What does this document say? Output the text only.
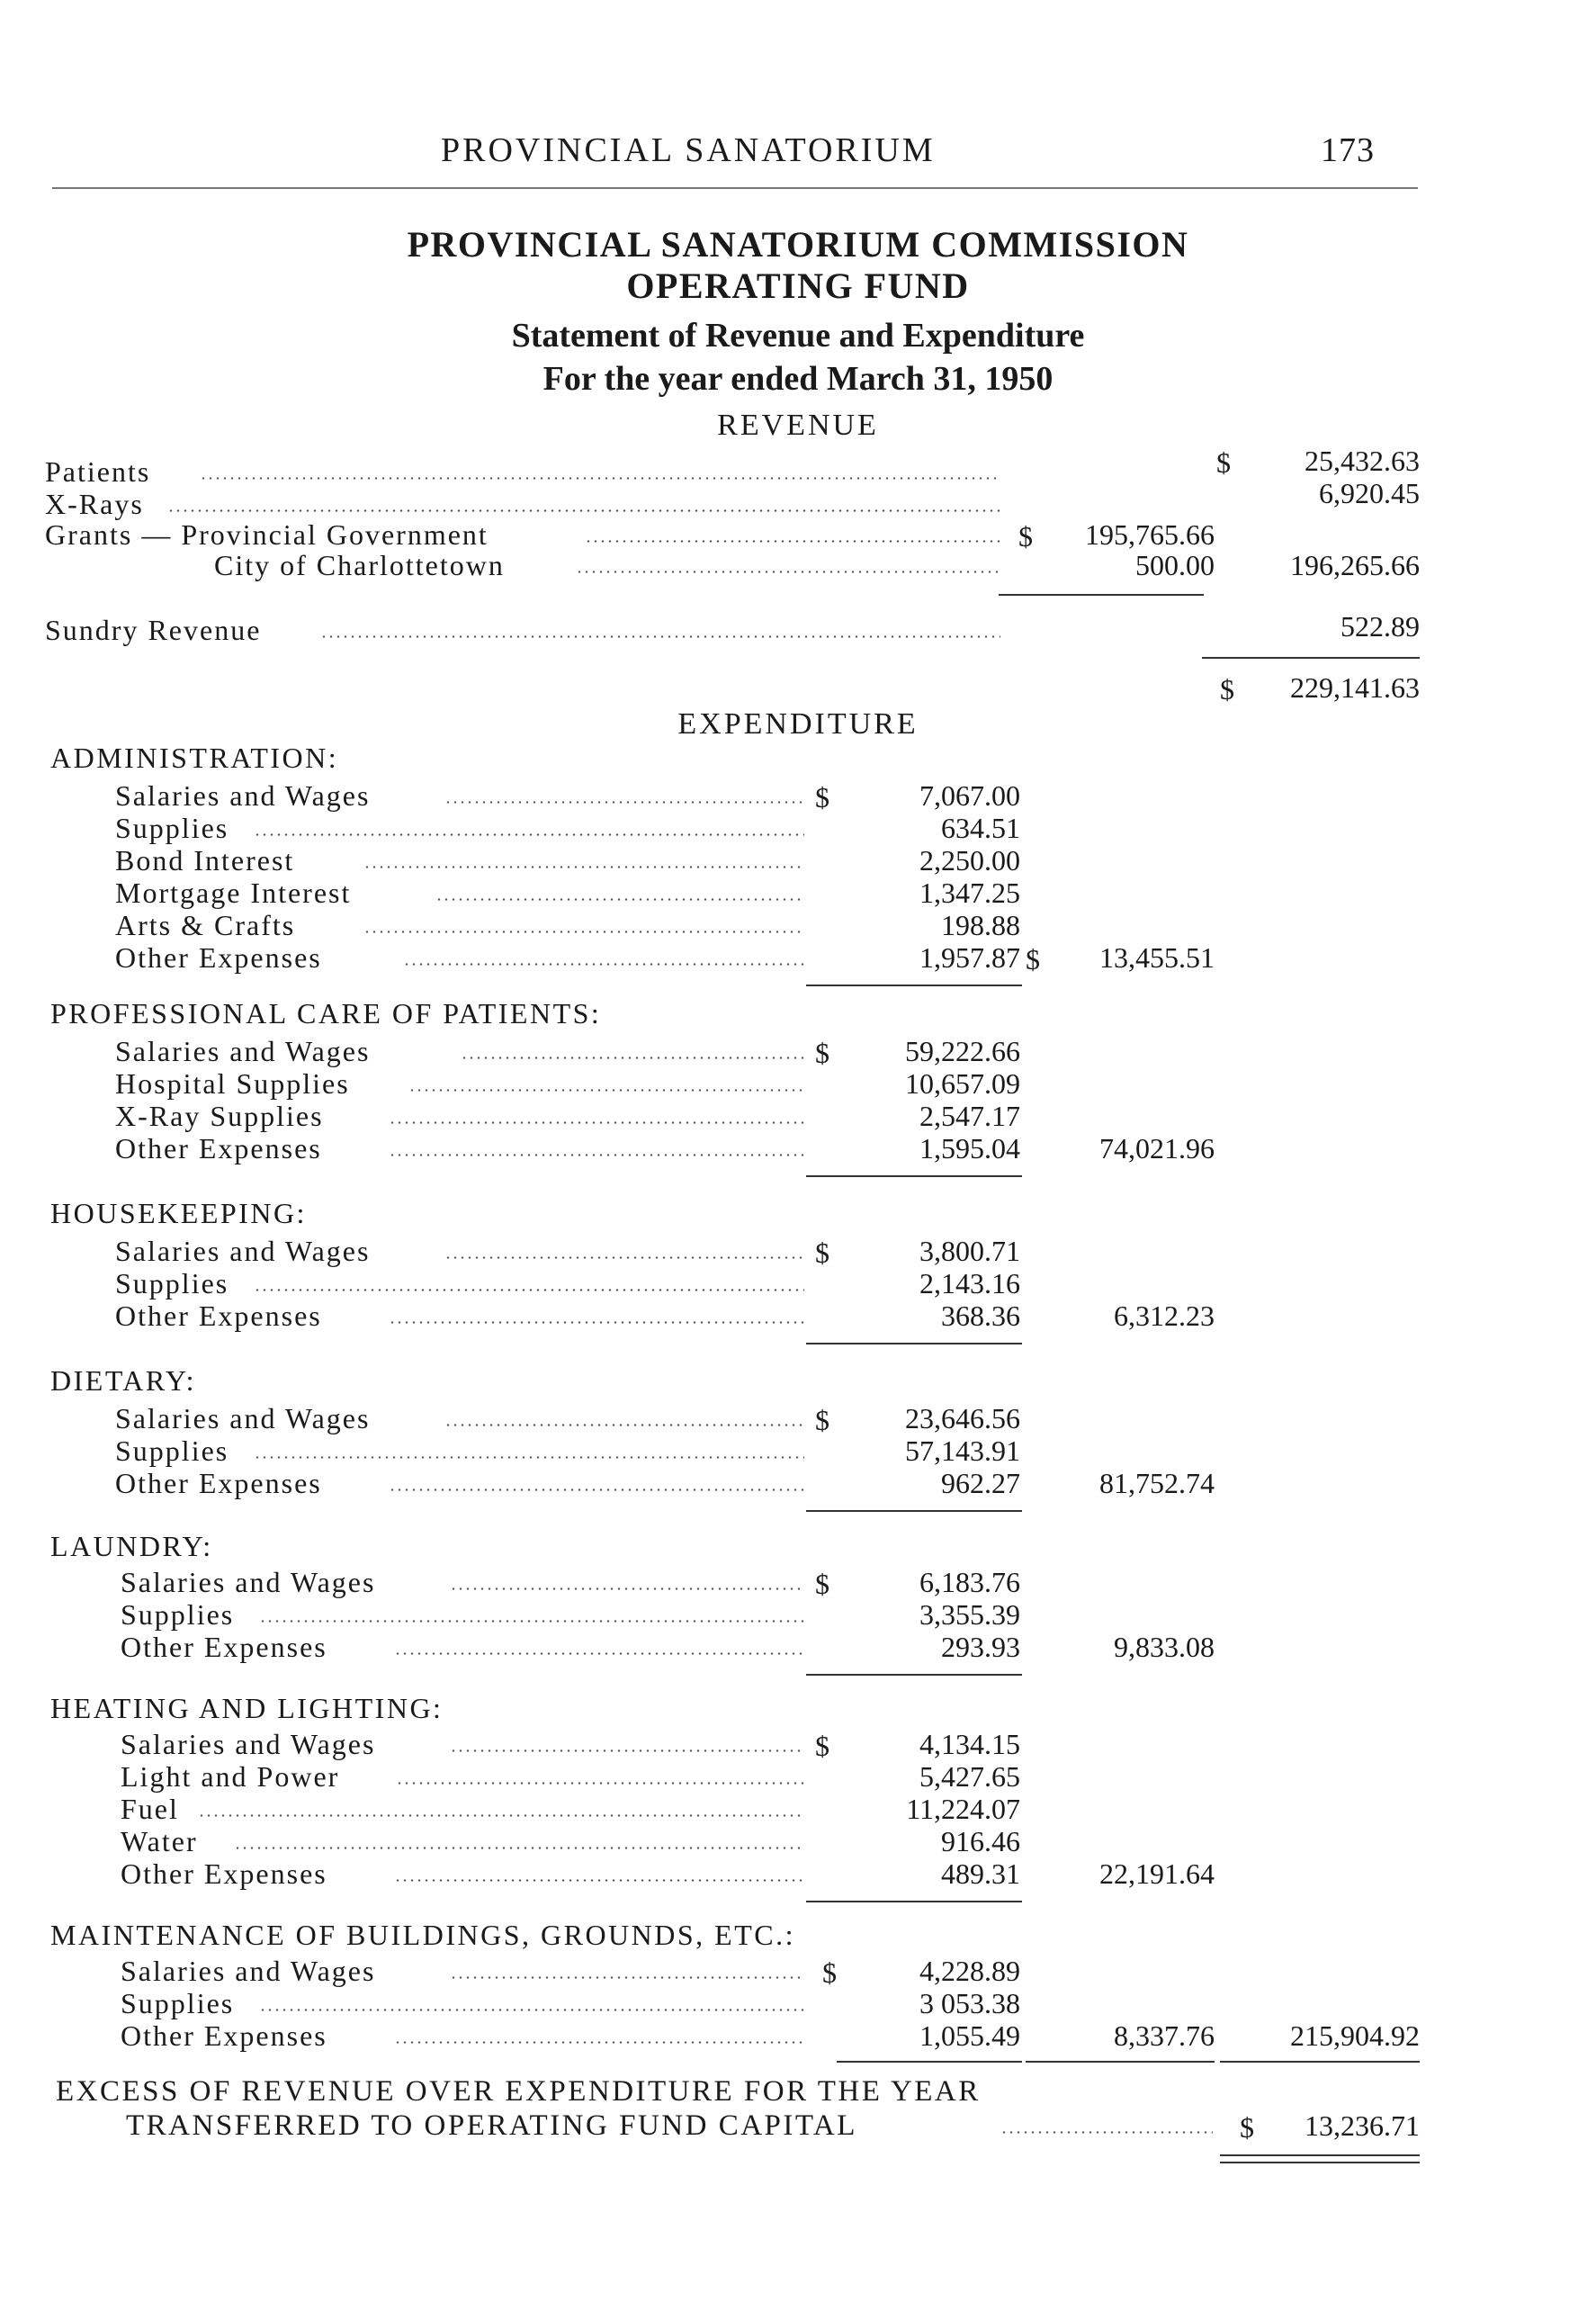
PROVINCIAL SANATORIUM	173
PROVINCIAL SANATORIUM COMMISSION
OPERATING FUND
Statement of Revenue and Expenditure
For the year ended March 31, 1950
REVENUE
Patients	$	25,432.63
X-Rays	6,920.45
Grants — Provincial Government	$ 195,765.66
City of Charlottetown	500.00	196,265.66
Sundry Revenue	522.89
$ 229,141.63
EXPENDITURE
ADMINISTRATION:
Salaries and Wages	$	7,067.00
Supplies	634.51
Bond Interest	2,250.00
Mortgage Interest	1,347.25
Arts & Crafts	198.88
Other Expenses	1,957.87 $ 13,455.51
PROFESSIONAL CARE OF PATIENTS:
Salaries and Wages	$	59,222.66
Hospital Supplies	10,657.09
X-Ray Supplies	2,547.17
Other Expenses	1,595.04	74,021.96
HOUSEKEEPING:
Salaries and Wages	$	3,800.71
Supplies	2,143.16
Other Expenses	368.36	6,312.23
DIETARY:
Salaries and Wages	$	23,646.56
Supplies	57,143.91
Other Expenses	962.27	81,752.74
LAUNDRY:
Salaries and Wages	$	6,183.76
Supplies	3,355.39
Other Expenses	293.93	9,833.08
HEATING AND LIGHTING:
Salaries and Wages	$	4,134.15
Light and Power	5,427.65
Fuel	11,224.07
Water	916.46
Other Expenses	489.31	22,191.64
MAINTENANCE OF BUILDINGS, GROUNDS, ETC.:
Salaries and Wages	$	4,228.89
Supplies	3 053.38
Other Expenses	1,055.49	8,337.76	215,904.92
EXCESS OF REVENUE OVER EXPENDITURE FOR THE YEAR
TRANSFERRED TO OPERATING FUND CAPITAL	$ 13,236.71
